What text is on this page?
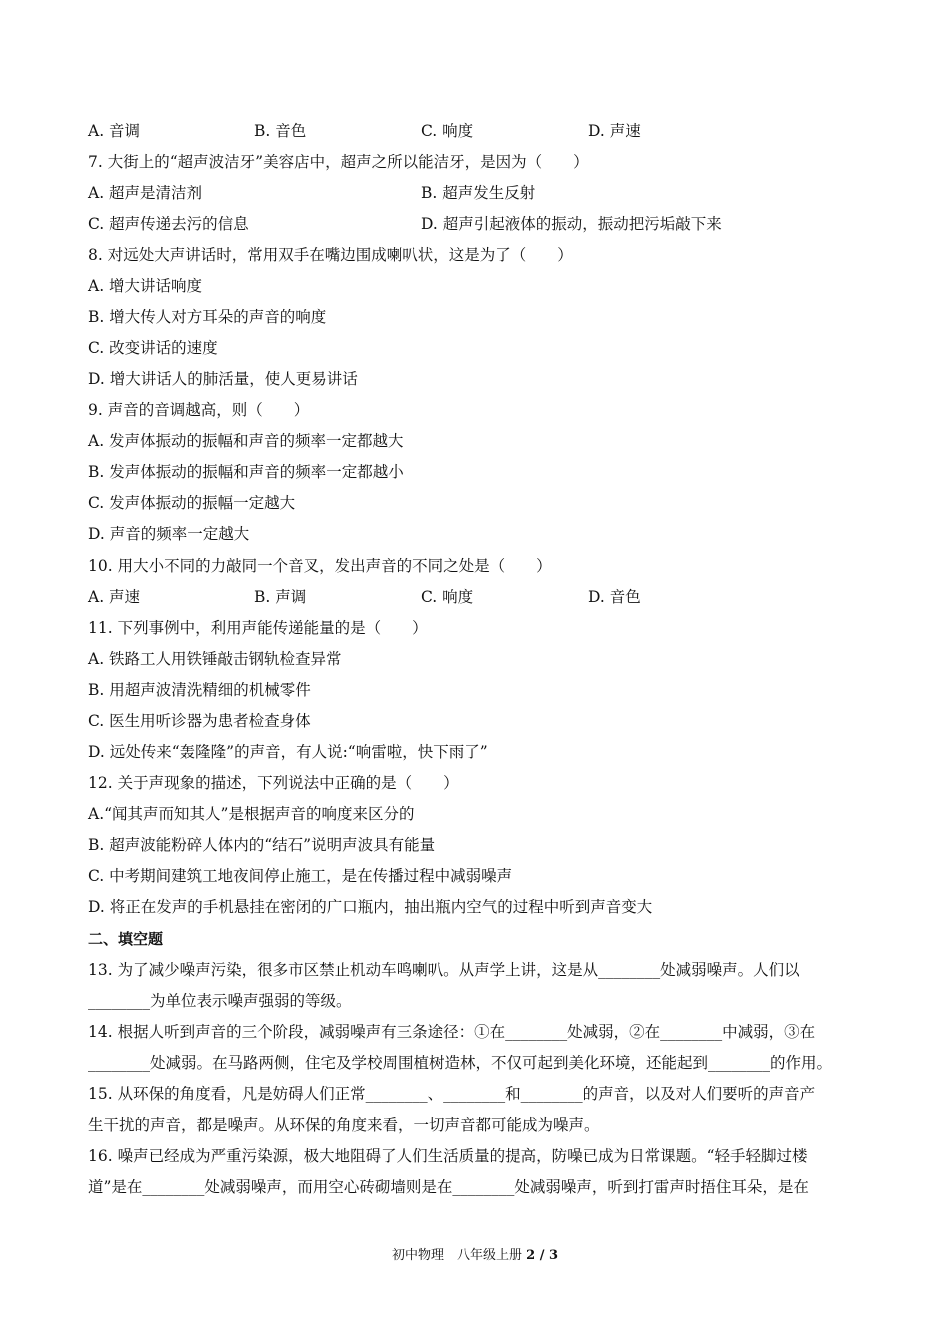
A. 音调	B. 音色	C. 响度	D. 声速
7. 大街上的“超声波洁牙”美容店中，超声之所以能洁牙，是因为（　　）
A. 超声是清洁剂	B. 超声发生反射
C. 超声传递去污的信息	D. 超声引起液体的振动，振动把污垢敲下来
8. 对远处大声讲话时，常用双手在嘴边围成喇叭状，这是为了（　　）
A. 增大讲话响度
B. 增大传人对方耳朵的声音的响度
C. 改变讲话的速度
D. 增大讲话人的肺活量，使人更易讲话
9. 声音的音调越高，则（　　）
A. 发声体振动的振幅和声音的频率一定都越大
B. 发声体振动的振幅和声音的频率一定都越小
C. 发声体振动的振幅一定越大
D. 声音的频率一定越大
10. 用大小不同的力敲同一个音叉，发出声音的不同之处是（　　）
A. 声速	B. 声调	C. 响度	D. 音色
11. 下列事例中，利用声能传递能量的是（　　）
A. 铁路工人用铁锤敲击钢轨检查异常
B. 用超声波清洗精细的机械零件
C. 医生用听诊器为患者检查身体
D. 远处传来“轰隆隆”的声音，有人说:“响雷啦，快下雨了”
12. 关于声现象的描述，下列说法中正确的是（　　）
A.“闻其声而知其人”是根据声音的响度来区分的
B. 超声波能粉碎人体内的“结石”说明声波具有能量
C. 中考期间建筑工地夜间停止施工，是在传播过程中减弱噪声
D. 将正在发声的手机悬挂在密闭的广口瓶内，抽出瓶内空气的过程中听到声音变大
二、填空题
13. 为了减少噪声污染，很多市区禁止机动车鸣喇叭。从声学上讲，这是从________处减弱噪声。人们以
________为单位表示噪声强弱的等级。
14. 根据人听到声音的三个阶段，减弱噪声有三条途径：①在________处减弱，②在________中减弱，③在
________处减弱。在马路两侧，住宅及学校周围植树造林，不仅可起到美化环境，还能起到________的作用。
15. 从环保的角度看，凡是妨碍人们正常________、________和________的声音，以及对人们要听的声音产
生干扰的声音，都是噪声。从环保的角度来看，一切声音都可能成为噪声。
16. 噪声已经成为严重污染源，极大地阻碍了人们生活质量的提高，防噪已成为日常课题。“轻手轻脚过楼
道”是在________处减弱噪声，而用空心砖砌墙则是在________处减弱噪声，听到打雷声时捂住耳朵，是在
初中物理　八年级上册 2 / 3
